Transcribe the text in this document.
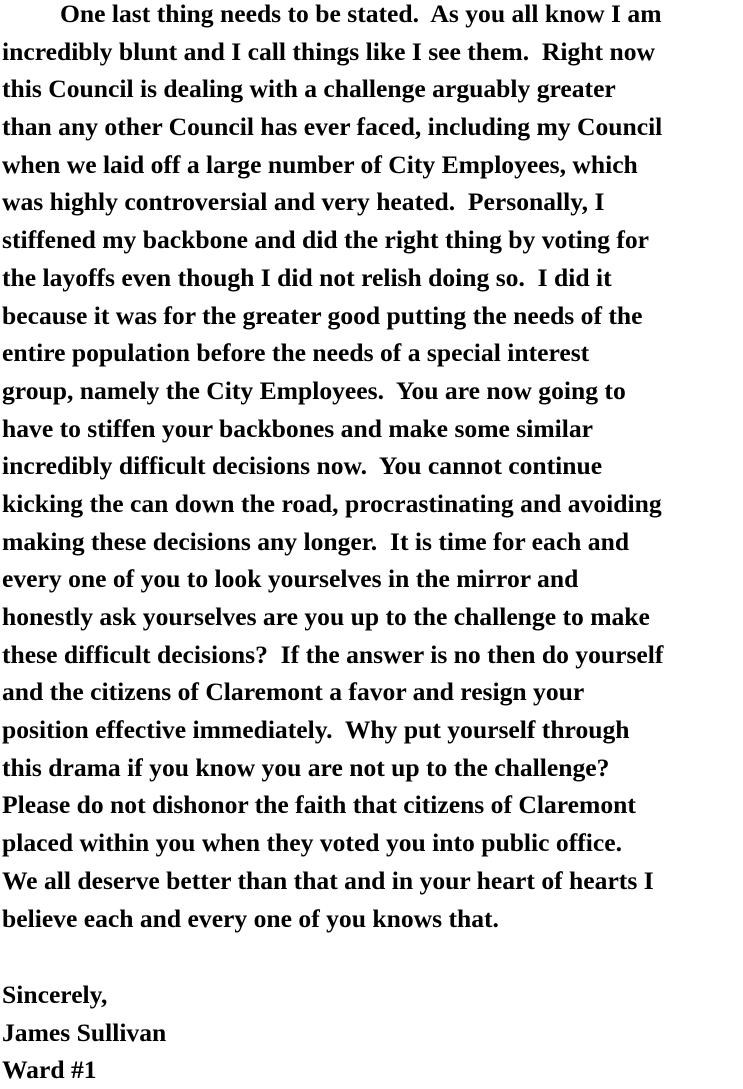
One last thing needs to be stated.  As you all know I am
incredibly blunt and I call things like I see them.  Right now
this Council is dealing with a challenge arguably greater
than any other Council has ever faced, including my Council
when we laid off a large number of City Employees, which
was highly controversial and very heated.  Personally, I
stiffened my backbone and did the right thing by voting for
the layoffs even though I did not relish doing so.  I did it
because it was for the greater good putting the needs of the
entire population before the needs of a special interest
group, namely the City Employees.  You are now going to
have to stiffen your backbones and make some similar
incredibly difficult decisions now.  You cannot continue
kicking the can down the road, procrastinating and avoiding
making these decisions any longer.  It is time for each and
every one of you to look yourselves in the mirror and
honestly ask yourselves are you up to the challenge to make
these difficult decisions?  If the answer is no then do yourself
and the citizens of Claremont a favor and resign your
position effective immediately.  Why put yourself through
this drama if you know you are not up to the challenge?
Please do not dishonor the faith that citizens of Claremont
placed within you when they voted you into public office.
We all deserve better than that and in your heart of hearts I
believe each and every one of you knows that.
Sincerely,
James Sullivan
Ward #1
